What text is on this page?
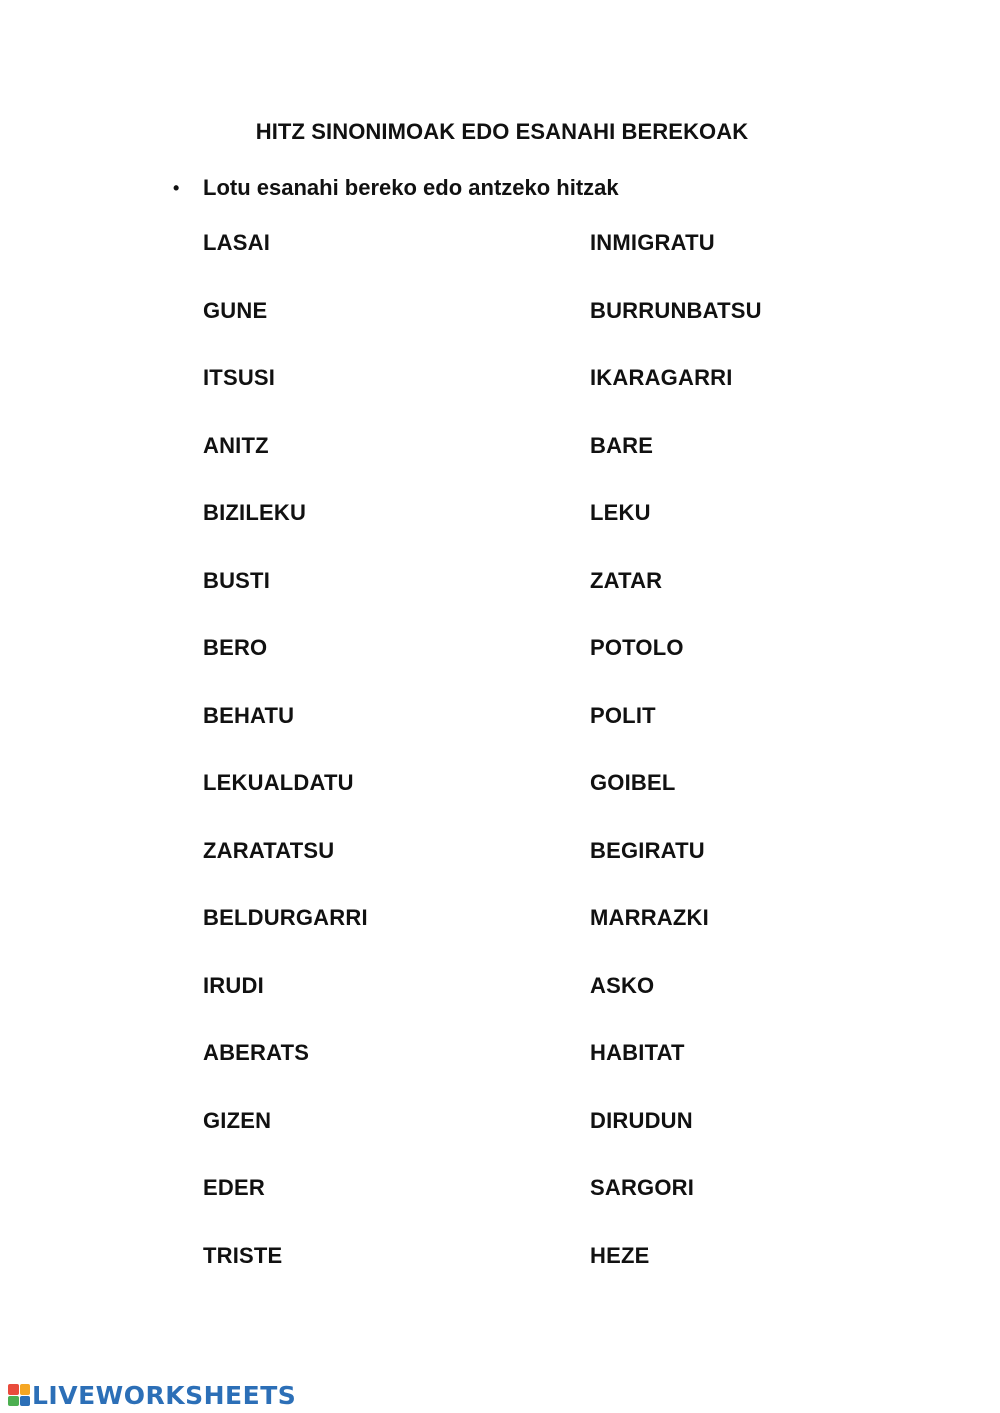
HITZ SINONIMOAK EDO ESANAHI BEREKOAK
• Lotu esanahi bereko edo antzeko hitzak
LASAI
GUNE
ITSUSI
ANITZ
BIZILEKU
BUSTI
BERO
BEHATU
LEKUALDATU
ZARATATSU
BELDURGARRI
IRUDI
ABERATS
GIZEN
EDER
TRISTE
INMIGRATU
BURRUNBATSU
IKARAGARRI
BARE
LEKU
ZATAR
POTOLO
POLIT
GOIBEL
BEGIRATU
MARRAZKI
ASKO
HABITAT
DIRUDUN
SARGORI
HEZE
LIVEWORKSHEETS
